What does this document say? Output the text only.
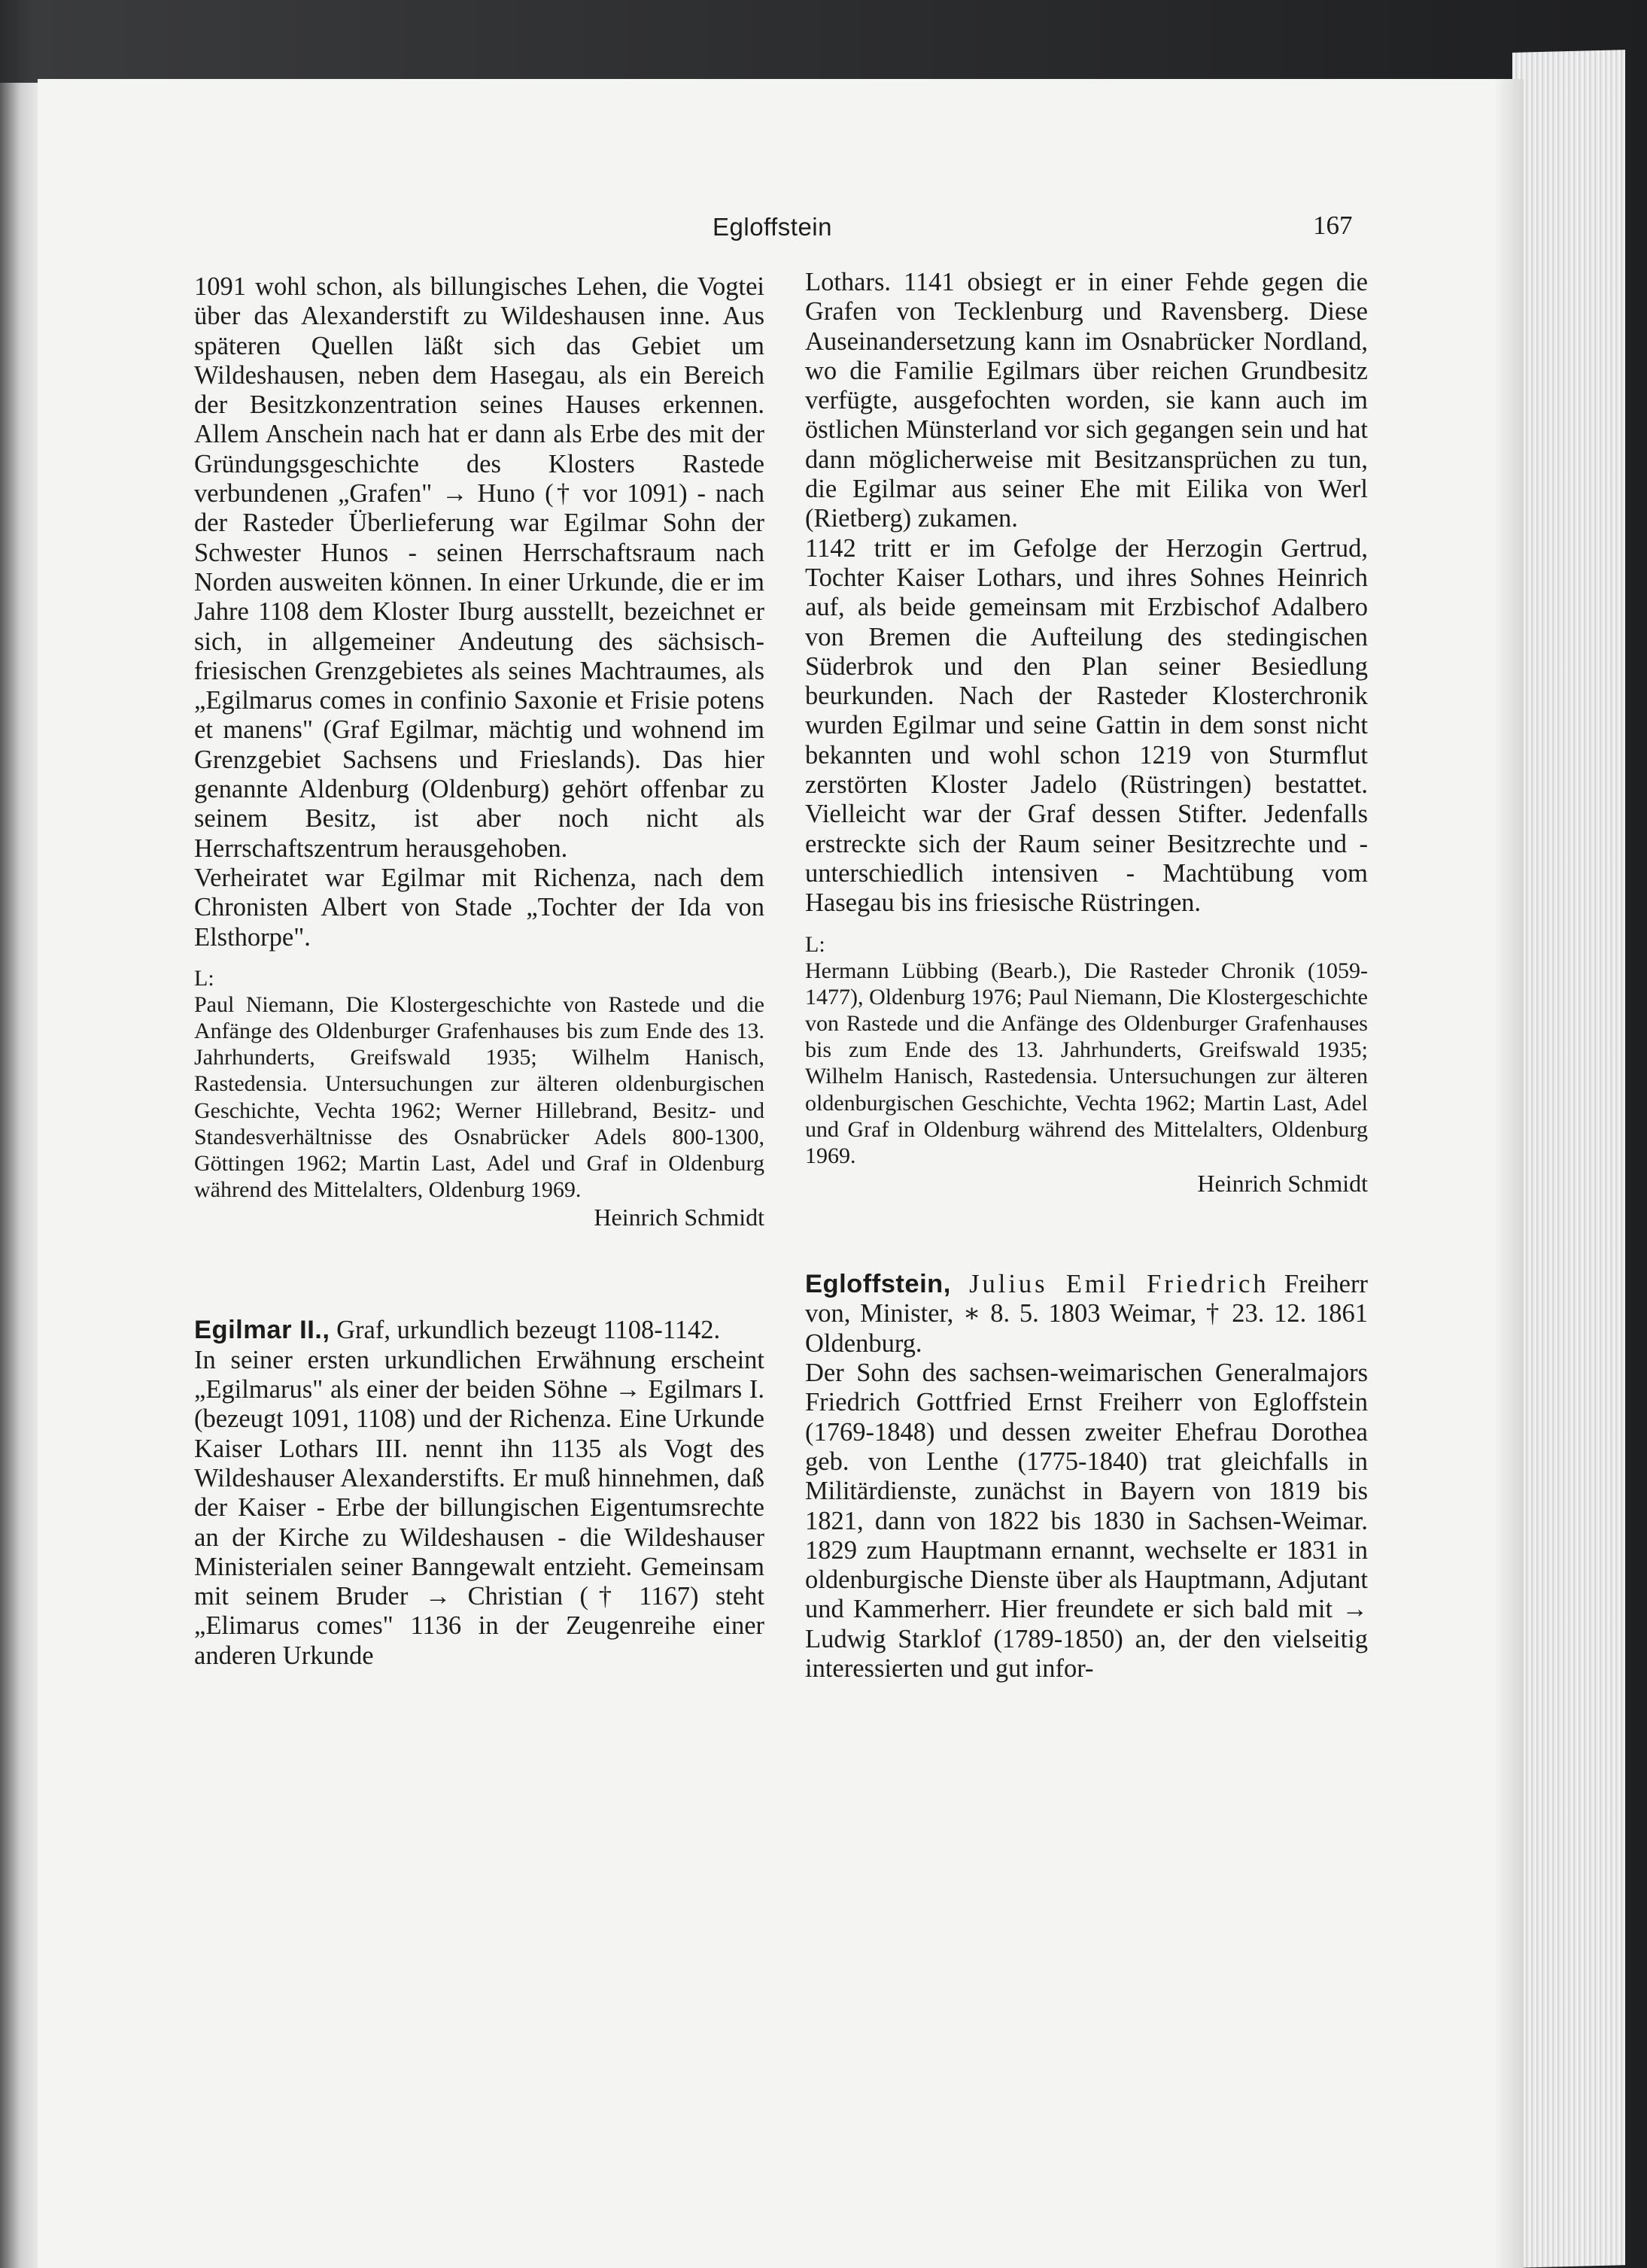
Egloffstein	167

1091 wohl schon, als billungisches Lehen, die Vogtei über das Alexanderstift zu Wildeshausen inne. Aus späteren Quellen läßt sich das Gebiet um Wildeshausen, neben dem Hasegau, als ein Bereich der Besitzkonzentration seines Hauses erkennen. Allem Anschein nach hat er dann als Erbe des mit der Gründungsgeschichte des Klosters Rastede verbundenen „Grafen" → Huno († vor 1091) - nach der Rasteder Überlieferung war Egilmar Sohn der Schwester Hunos - seinen Herrschaftsraum nach Norden ausweiten können. In einer Urkunde, die er im Jahre 1108 dem Kloster Iburg ausstellt, bezeichnet er sich, in allgemeiner Andeutung des sächsisch-friesischen Grenzgebietes als seines Machtraumes, als „Egilmarus comes in confinio Saxonie et Frisie potens et manens" (Graf Egilmar, mächtig und wohnend im Grenzgebiet Sachsens und Frieslands). Das hier genannte Aldenburg (Oldenburg) gehört offenbar zu seinem Besitz, ist aber noch nicht als Herrschaftszentrum herausgehoben.

Verheiratet war Egilmar mit Richenza, nach dem Chronisten Albert von Stade „Tochter der Ida von Elsthorpe".

L:

Paul Niemann, Die Klostergeschichte von Rastede und die Anfänge des Oldenburger Grafenhauses bis zum Ende des 13. Jahrhunderts, Greifswald 1935; Wilhelm Hanisch, Rastedensia. Untersuchungen zur älteren oldenburgischen Geschichte, Vechta 1962; Werner Hillebrand, Besitz- und Standesverhältnisse des Osnabrücker Adels 800-1300, Göttingen 1962; Martin Last, Adel und Graf in Oldenburg während des Mittelalters, Oldenburg 1969.

Heinrich Schmidt

Egilmar II., Graf, urkundlich bezeugt 1108-1142.

In seiner ersten urkundlichen Erwähnung erscheint „Egilmarus" als einer der beiden Söhne → Egilmars I. (bezeugt 1091, 1108) und der Richenza. Eine Urkunde Kaiser Lothars III. nennt ihn 1135 als Vogt des Wildeshauser Alexanderstifts. Er muß hinnehmen, daß der Kaiser - Erbe der billungischen Eigentumsrechte an der Kirche zu Wildeshausen - die Wildeshauser Ministerialen seiner Banngewalt entzieht. Gemeinsam mit seinem Bruder → Christian († 1167) steht „Elimarus comes" 1136 in der Zeugenreihe einer anderen Urkunde

Lothars. 1141 obsiegt er in einer Fehde gegen die Grafen von Tecklenburg und Ravensberg. Diese Auseinandersetzung kann im Osnabrücker Nordland, wo die Familie Egilmars über reichen Grundbesitz verfügte, ausgefochten worden, sie kann auch im östlichen Münsterland vor sich gegangen sein und hat dann möglicherweise mit Besitzansprüchen zu tun, die Egilmar aus seiner Ehe mit Eilika von Werl (Rietberg) zukamen.

1142 tritt er im Gefolge der Herzogin Gertrud, Tochter Kaiser Lothars, und ihres Sohnes Heinrich auf, als beide gemeinsam mit Erzbischof Adalbero von Bremen die Aufteilung des stedingischen Süderbrok und den Plan seiner Besiedlung beurkunden. Nach der Rasteder Klosterchronik wurden Egilmar und seine Gattin in dem sonst nicht bekannten und wohl schon 1219 von Sturmflut zerstörten Kloster Jadelo (Rüstringen) bestattet. Vielleicht war der Graf dessen Stifter. Jedenfalls erstreckte sich der Raum seiner Besitzrechte und - unterschiedlich intensiven - Machtübung vom Hasegau bis ins friesische Rüstringen.

L:

Hermann Lübbing (Bearb.), Die Rasteder Chronik (1059-1477), Oldenburg 1976; Paul Niemann, Die Klostergeschichte von Rastede und die Anfänge des Oldenburger Grafenhauses bis zum Ende des 13. Jahrhunderts, Greifswald 1935; Wilhelm Hanisch, Rastedensia. Untersuchungen zur älteren oldenburgischen Geschichte, Vechta 1962; Martin Last, Adel und Graf in Oldenburg während des Mittelalters, Oldenburg 1969.

Heinrich Schmidt

Egloffstein, Julius Emil Friedrich Freiherr von, Minister, ∗ 8. 5. 1803 Weimar, † 23. 12. 1861 Oldenburg.

Der Sohn des sachsen-weimarischen Generalmajors Friedrich Gottfried Ernst Freiherr von Egloffstein (1769-1848) und dessen zweiter Ehefrau Dorothea geb. von Lenthe (1775-1840) trat gleichfalls in Militärdienste, zunächst in Bayern von 1819 bis 1821, dann von 1822 bis 1830 in Sachsen-Weimar. 1829 zum Hauptmann ernannt, wechselte er 1831 in oldenburgische Dienste über als Hauptmann, Adjutant und Kammerherr. Hier freundete er sich bald mit → Ludwig Starklof (1789-1850) an, der den vielseitig interessierten und gut infor-
